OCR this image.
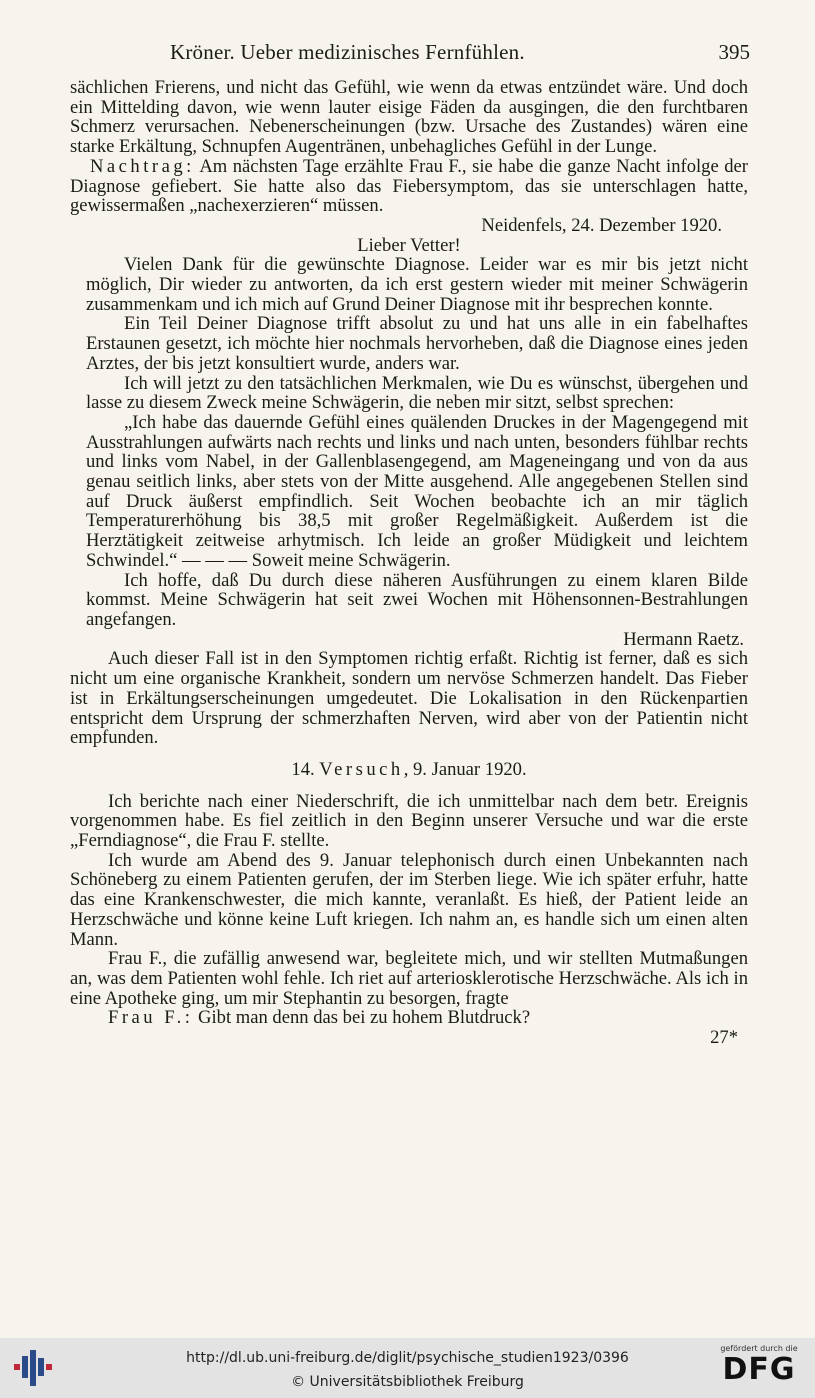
Kröner. Ueber medizinisches Fernfühlen.	395

sächlichen Frierens, und nicht das Gefühl, wie wenn da etwas entzündet wäre. Und doch ein Mittelding davon, wie wenn lauter eisige Fäden da ausgingen, die den furchtbaren Schmerz verursachen. Nebenerscheinungen (bzw. Ursache des Zustandes) wären eine starke Erkältung, Schnupfen Augentränen, unbehagliches Gefühl in der Lunge.

Nachtrag: Am nächsten Tage erzählte Frau F., sie habe die ganze Nacht infolge der Diagnose gefiebert. Sie hatte also das Fiebersymptom, das sie unterschlagen hatte, gewissermaßen „nachexerzieren“ müssen.

Neidenfels, 24. Dezember 1920.

Lieber Vetter!

Vielen Dank für die gewünschte Diagnose. Leider war es mir bis jetzt nicht möglich, Dir wieder zu antworten, da ich erst gestern wieder mit meiner Schwägerin zusammenkam und ich mich auf Grund Deiner Diagnose mit ihr besprechen konnte.

Ein Teil Deiner Diagnose trifft absolut zu und hat uns alle in ein fabelhaftes Erstaunen gesetzt, ich möchte hier nochmals hervorheben, daß die Diagnose eines jeden Arztes, der bis jetzt konsultiert wurde, anders war.

Ich will jetzt zu den tatsächlichen Merkmalen, wie Du es wünschst, übergehen und lasse zu diesem Zweck meine Schwägerin, die neben mir sitzt, selbst sprechen:

„Ich habe das dauernde Gefühl eines quälenden Druckes in der Magengegend mit Ausstrahlungen aufwärts nach rechts und links und nach unten, besonders fühlbar rechts und links vom Nabel, in der Gallenblasengegend, am Mageneingang und von da aus genau seitlich links, aber stets von der Mitte ausgehend. Alle angegebenen Stellen sind auf Druck äußerst empfindlich. Seit Wochen beobachte ich an mir täglich Temperaturerhöhung bis 38,5 mit großer Regelmäßigkeit. Außerdem ist die Herztätigkeit zeitweise arhytmisch. Ich leide an großer Müdigkeit und leichtem Schwindel.“ — — — Soweit meine Schwägerin.

Ich hoffe, daß Du durch diese näheren Ausführungen zu einem klaren Bilde kommst. Meine Schwägerin hat seit zwei Wochen mit Höhensonnen-Bestrahlungen angefangen.

Hermann Raetz.

Auch dieser Fall ist in den Symptomen richtig erfaßt. Richtig ist ferner, daß es sich nicht um eine organische Krankheit, sondern um nervöse Schmerzen handelt. Das Fieber ist in Erkältungserscheinungen umgedeutet. Die Lokalisation in den Rückenpartien entspricht dem Ursprung der schmerzhaften Nerven, wird aber von der Patientin nicht empfunden.

14. Versuch, 9. Januar 1920.

Ich berichte nach einer Niederschrift, die ich unmittelbar nach dem betr. Ereignis vorgenommen habe. Es fiel zeitlich in den Beginn unserer Versuche und war die erste „Ferndiagnose“, die Frau F. stellte.

Ich wurde am Abend des 9. Januar telephonisch durch einen Unbekannten nach Schöneberg zu einem Patienten gerufen, der im Sterben liege. Wie ich später erfuhr, hatte das eine Krankenschwester, die mich kannte, veranlaßt. Es hieß, der Patient leide an Herzschwäche und könne keine Luft kriegen. Ich nahm an, es handle sich um einen alten Mann.

Frau F., die zufällig anwesend war, begleitete mich, und wir stellten Mutmaßungen an, was dem Patienten wohl fehle. Ich riet auf arteriosklerotische Herzschwäche. Als ich in eine Apotheke ging, um mir Stephantin zu besorgen, fragte

Frau F.: Gibt man denn das bei zu hohem Blutdruck?

27*

http://dl.ub.uni-freiburg.de/diglit/psychische_studien1923/0396
© Universitätsbibliothek Freiburg
gefördert durch die
DFG
